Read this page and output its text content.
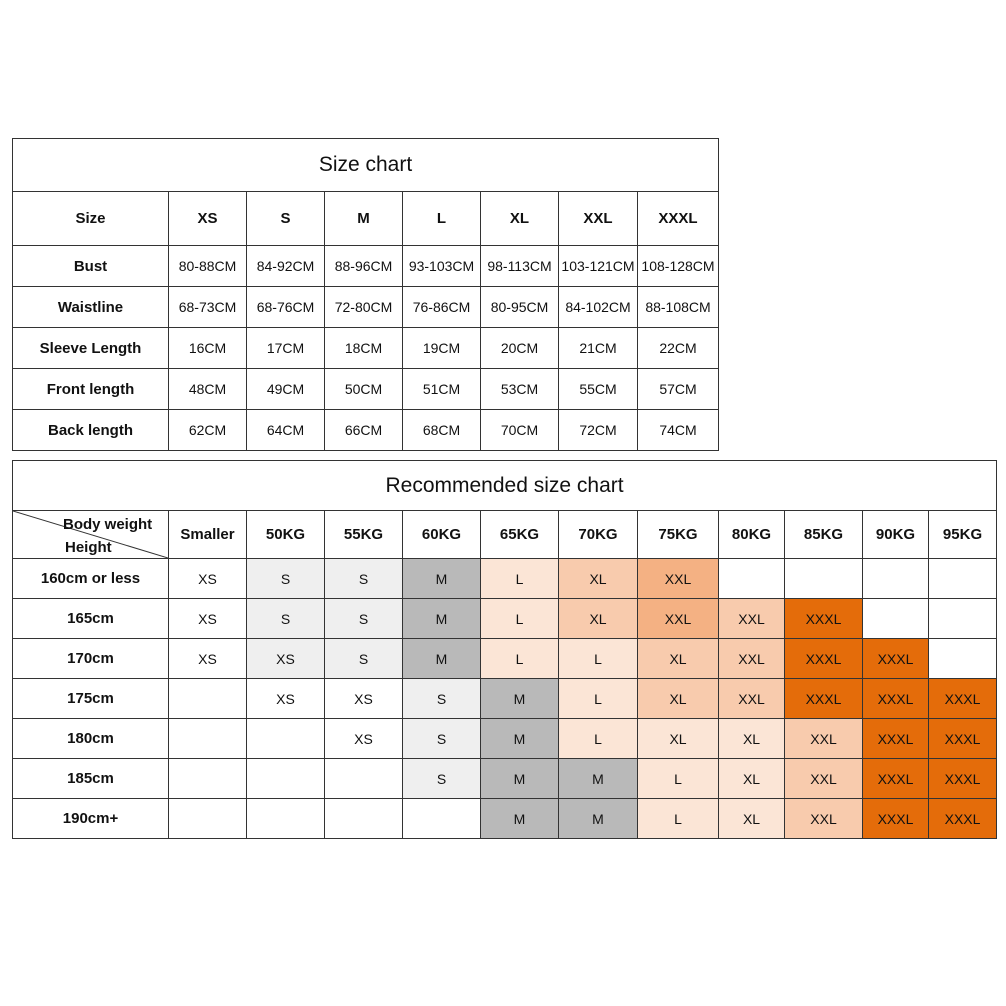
Size chart							
Size	XS	S	M	L	XL	XXL	XXXL
Bust	80-88CM	84-92CM	88-96CM	93-103CM	98-113CM	103-121CM	108-128CM
Waistline	68-73CM	68-76CM	72-80CM	76-86CM	80-95CM	84-102CM	88-108CM
Sleeve Length	16CM	17CM	18CM	19CM	20CM	21CM	22CM
Front length	48CM	49CM	50CM	51CM	53CM	55CM	57CM
Back length	62CM	64CM	66CM	68CM	70CM	72CM	74CM
Recommended size chart											

Body weight
Height	Smaller	50KG	55KG	60KG	65KG	70KG	75KG	80KG	85KG	90KG	95KG
160cm or less	XS	S	S	M	L	XL	XXL				
165cm	XS	S	S	M	L	XL	XXL	XXL	XXXL		
170cm	XS	XS	S	M	L	L	XL	XXL	XXXL	XXXL	
175cm		XS	XS	S	M	L	XL	XXL	XXXL	XXXL	XXXL
180cm			XS	S	M	L	XL	XL	XXL	XXXL	XXXL
185cm				S	M	M	L	XL	XXL	XXXL	XXXL
190cm+					M	M	L	XL	XXL	XXXL	XXXL
